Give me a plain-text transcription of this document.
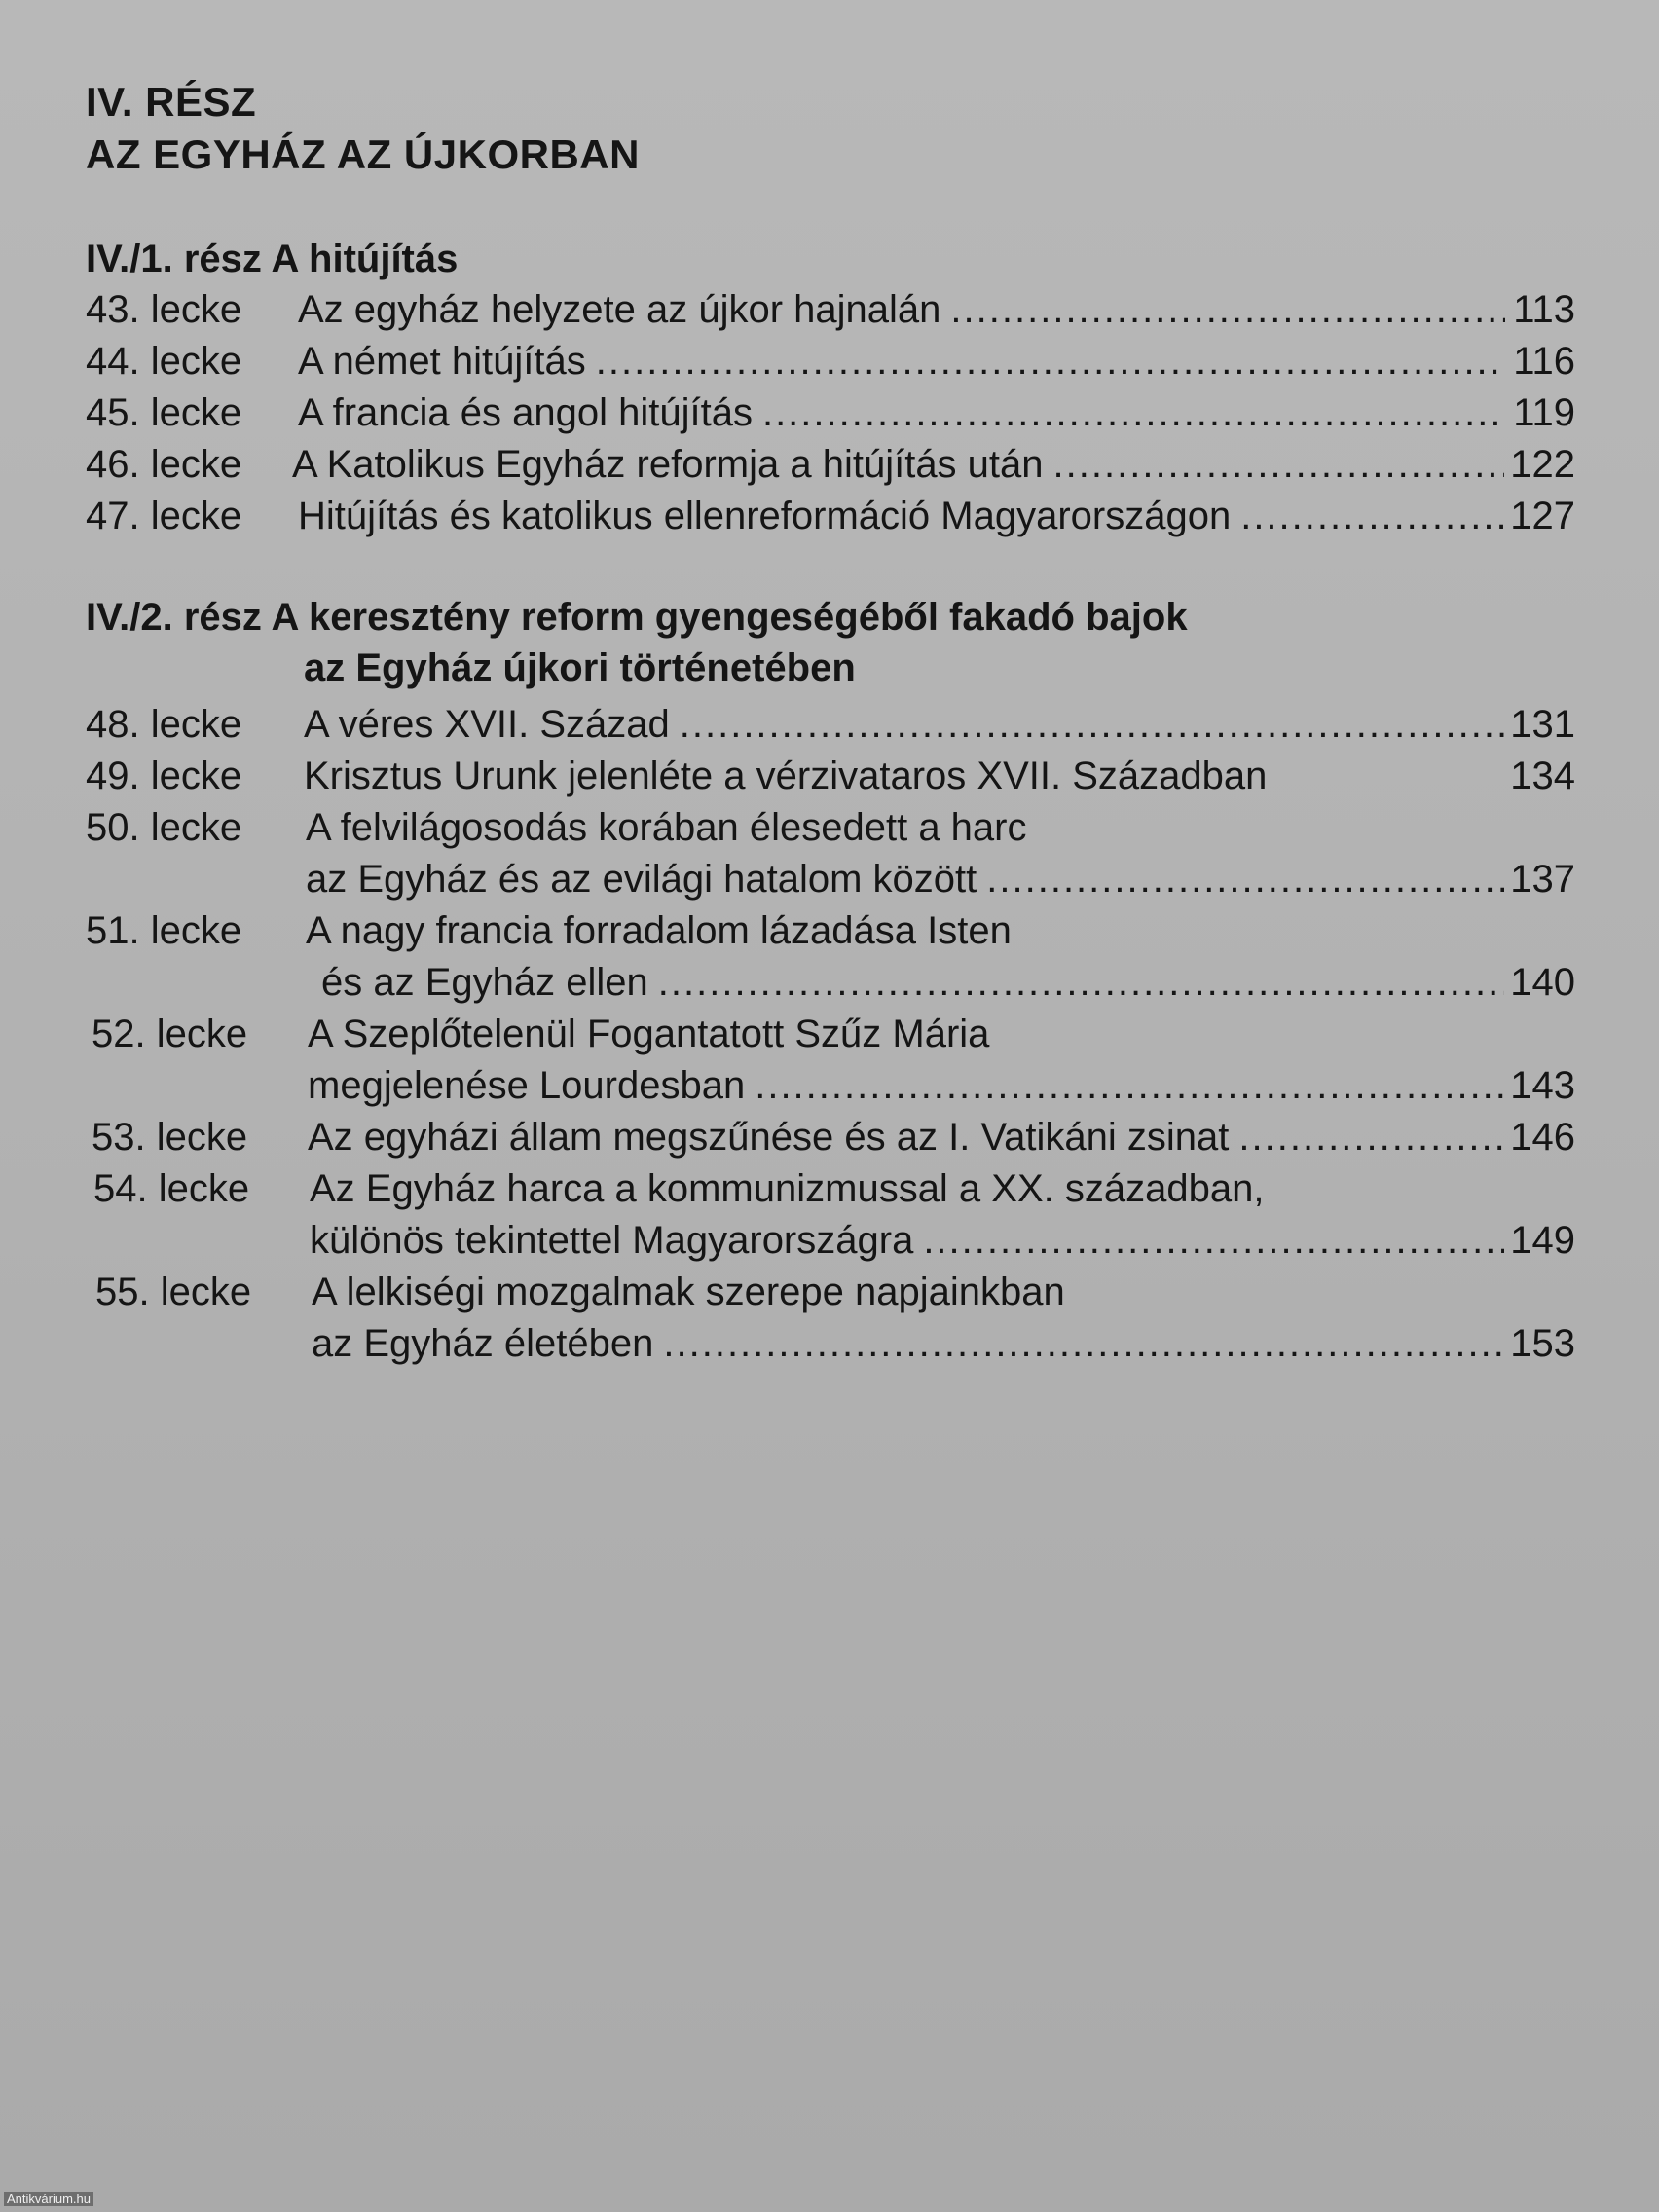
IV. RÉSZ
AZ EGYHÁZ AZ ÚJKORBAN
IV./1. rész A hitújítás
43. lecke Az egyház helyzete az újkor hajnalán .....	113
44. lecke A német hitújítás .....	116
45. lecke A francia és angol hitújítás .....	119
46. lecke A Katolikus Egyház reformja a hitújítás után .....	122
47. lecke Hitújítás és katolikus ellenreformáció Magyarországon .....	127
IV./2. rész A keresztény reform gyengeségéből fakadó bajok
az Egyház újkori történetében
48. lecke A véres XVII. Század .....	131
49. lecke Krisztus Urunk jelenléte a vérzivataros XVII. Században	134
50. lecke A felvilágosodás korában élesedett a harc
az Egyház és az evilági hatalom között .....	137
51. lecke A nagy francia forradalom lázadása Isten
és az Egyház ellen .....	140
52. lecke A Szeplőtelenül Fogantatott Szűz Mária
megjelenése Lourdesban .....	143
53. lecke Az egyházi állam megszűnése és az I. Vatikáni zsinat .....	146
54. lecke Az Egyház harca a kommunizmussal a XX. században,
különös tekintettel Magyarországra .....	149
55. lecke A lelkiségi mozgalmak szerepe napjainkban
az Egyház életében .....	153
Antikvárium.hu
